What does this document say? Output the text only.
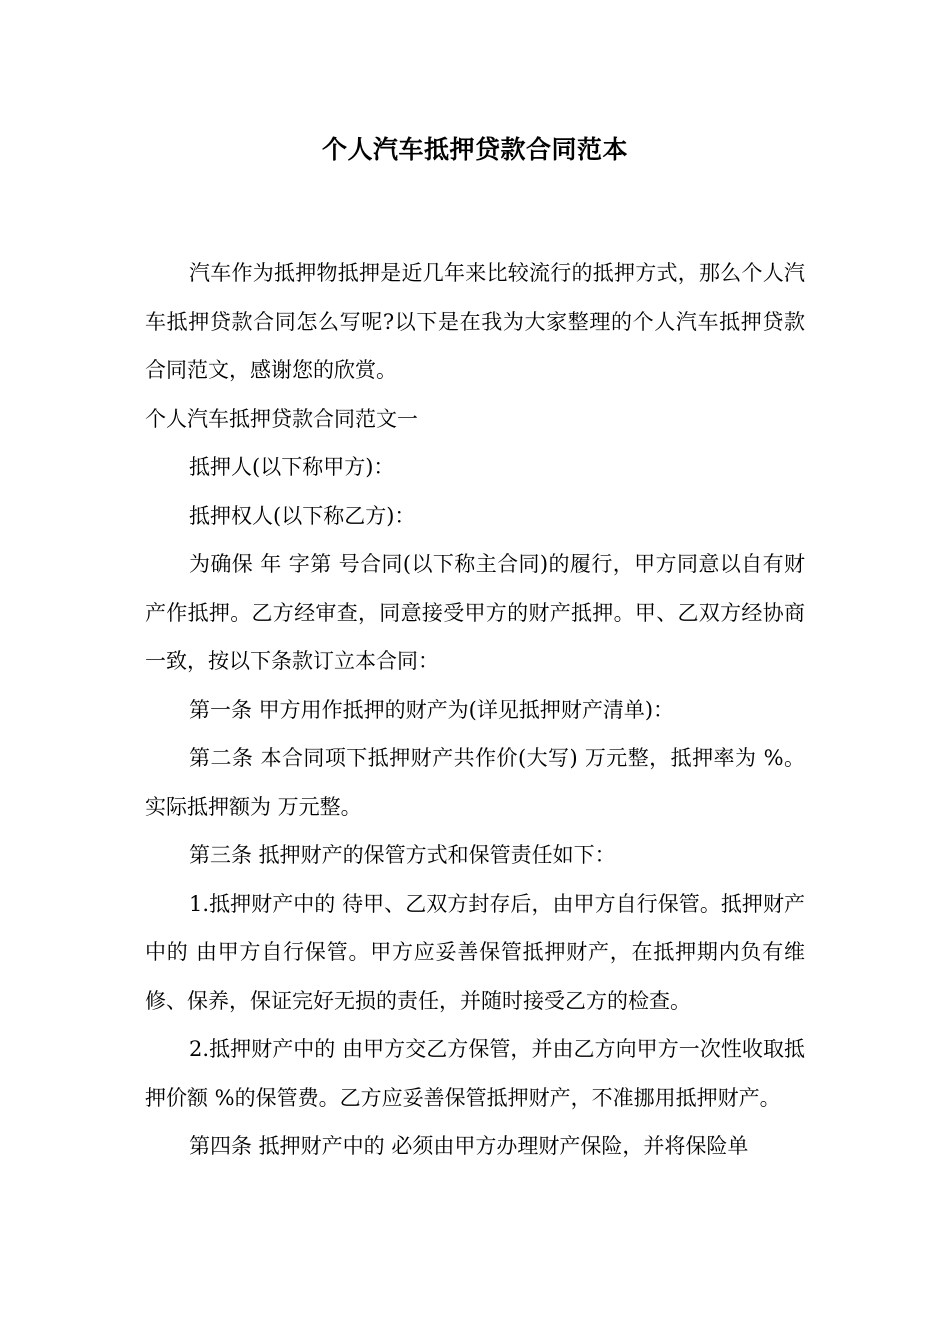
个人汽车抵押贷款合同范本

汽车作为抵押物抵押是近几年来比较流行的抵押方式，那么个人汽车抵押贷款合同怎么写呢?以下是在我为大家整理的个人汽车抵押贷款合同范文，感谢您的欣赏。

个人汽车抵押贷款合同范文一

抵押人(以下称甲方)：

抵押权人(以下称乙方)：

为确保 年 字第 号合同(以下称主合同)的履行，甲方同意以自有财产作抵押。乙方经审查，同意接受甲方的财产抵押。甲、乙双方经协商一致，按以下条款订立本合同：

第一条 甲方用作抵押的财产为(详见抵押财产清单)：

第二条 本合同项下抵押财产共作价(大写) 万元整，抵押率为 %。实际抵押额为 万元整。

第三条 抵押财产的保管方式和保管责任如下：

1.抵押财产中的 待甲、乙双方封存后，由甲方自行保管。抵押财产中的 由甲方自行保管。甲方应妥善保管抵押财产，在抵押期内负有维修、保养，保证完好无损的责任，并随时接受乙方的检查。

2.抵押财产中的 由甲方交乙方保管，并由乙方向甲方一次性收取抵押价额 %的保管费。乙方应妥善保管抵押财产，不准挪用抵押财产。

第四条 抵押财产中的 必须由甲方办理财产保险，并将保险单
